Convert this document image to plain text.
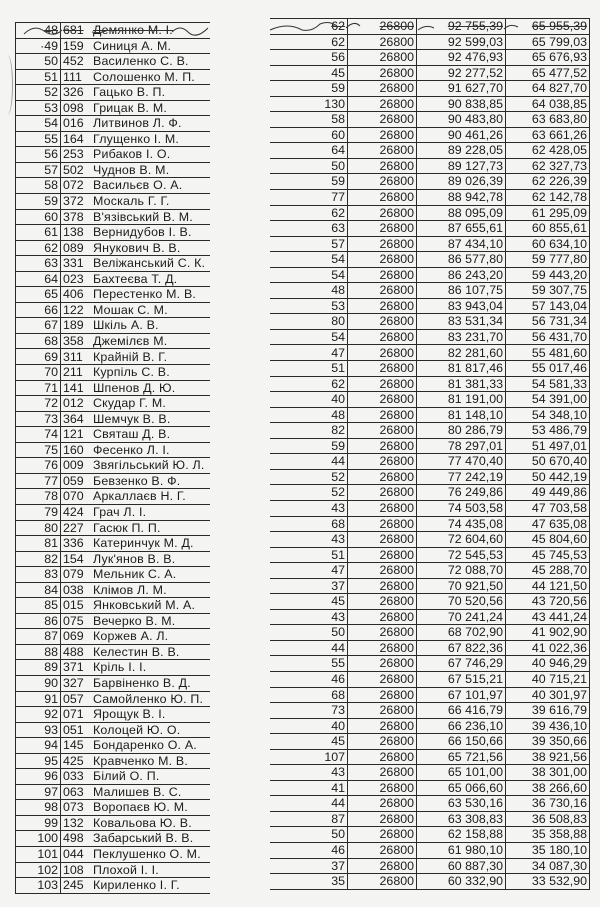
48	681	Демянко М. І.
·49	159	Синиця А. М.
50	452	Василенко С. В.
51	111	Солошенко М. П.
52	326	Гацько В. П.
53	098	Грицак В. М.
54	016	Литвинов Л. Ф.
55	164	Глущенко І. М.
56	253	Рибаков І. О.
57	502	Чуднов В. М.
58	072	Васильєв О. А.
59	372	Москаль Г. Г.
60	378	В'язівський В. М.
61	138	Вернидубов І. В.
62	089	Янукович В. В.
63	331	Веліжанський С. К.
64	023	Бахтеєва Т. Д.
65	406	Перестенко М. В.
66	122	Мошак С. М.
67	189	Шкіль А. В.
68	358	Джемілєв М.
69	311	Крайній В. Г.
70	211	Курпіль С. В.
71	141	Шпенов Д. Ю.
72	012	Скудар Г. М.
73	364	Шемчук В. В.
74	121	Святаш Д. В.
75	160	Фесенко Л. І.
76	009	Звягільський Ю. Л.
77	059	Бевзенко В. Ф.
78	070	Аркаллаєв Н. Г.
79	424	Грач Л. І.
80	227	Гасюк П. П.
81	336	Катеринчук М. Д.
82	154	Лук'янов В. В.
83	079	Мельник С. А.
84	038	Клімов Л. М.
85	015	Янковський М. А.
86	075	Вечерко В. М.
87	069	Коржев А. Л.
88	488	Келестин В. В.
89	371	Кріль І. І.
90	327	Барвіненко В. Д.
91	057	Самойленко Ю. П.
92	071	Ярощук В. І.
93	051	Колоцей Ю. О.
94	145	Бондаренко О. А.
95	425	Кравченко М. В.
96	033	Білий О. П.
97	063	Малишев В. С.
98	073	Воропаєв Ю. М.
99	132	Ковальова Ю. В.
100	498	Забарський В. В.
101	044	Пеклушенко О. М.
102	108	Плохой І. І.
103	245	Кириленко І. Г.
62	26800	92 755,39	65 955,39
62	26800	92 599,03	65 799,03
56	26800	92 476,93	65 676,93
45	26800	92 277,52	65 477,52
59	26800	91 627,70	64 827,70
130	26800	90 838,85	64 038,85
58	26800	90 483,80	63 683,80
60	26800	90 461,26	63 661,26
64	26800	89 228,05	62 428,05
50	26800	89 127,73	62 327,73
59	26800	89 026,39	62 226,39
77	26800	88 942,78	62 142,78
62	26800	88 095,09	61 295,09
63	26800	87 655,61	60 855,61
57	26800	87 434,10	60 634,10
54	26800	86 577,80	59 777,80
54	26800	86 243,20	59 443,20
48	26800	86 107,75	59 307,75
53	26800	83 943,04	57 143,04
80	26800	83 531,34	56 731,34
54	26800	83 231,70	56 431,70
47	26800	82 281,60	55 481,60
51	26800	81 817,46	55 017,46
62	26800	81 381,33	54 581,33
40	26800	81 191,00	54 391,00
48	26800	81 148,10	54 348,10
82	26800	80 286,79	53 486,79
59	26800	78 297,01	51 497,01
44	26800	77 470,40	50 670,40
52	26800	77 242,19	50 442,19
52	26800	76 249,86	49 449,86
43	26800	74 503,58	47 703,58
68	26800	74 435,08	47 635,08
43	26800	72 604,60	45 804,60
51	26800	72 545,53	45 745,53
47	26800	72 088,70	45 288,70
37	26800	70 921,50	44 121,50
45	26800	70 520,56	43 720,56
43	26800	70 241,24	43 441,24
50	26800	68 702,90	41 902,90
44	26800	67 822,36	41 022,36
55	26800	67 746,29	40 946,29
46	26800	67 515,21	40 715,21
68	26800	67 101,97	40 301,97
73	26800	66 416,79	39 616,79
40	26800	66 236,10	39 436,10
45	26800	66 150,66	39 350,66
107	26800	65 721,56	38 921,56
43	26800	65 101,00	38 301,00
41	26800	65 066,60	38 266,60
44	26800	63 530,16	36 730,16
87	26800	63 308,83	36 508,83
50	26800	62 158,88	35 358,88
46	26800	61 980,10	35 180,10
37	26800	60 887,30	34 087,30
35	26800	60 332,90	33 532,90
